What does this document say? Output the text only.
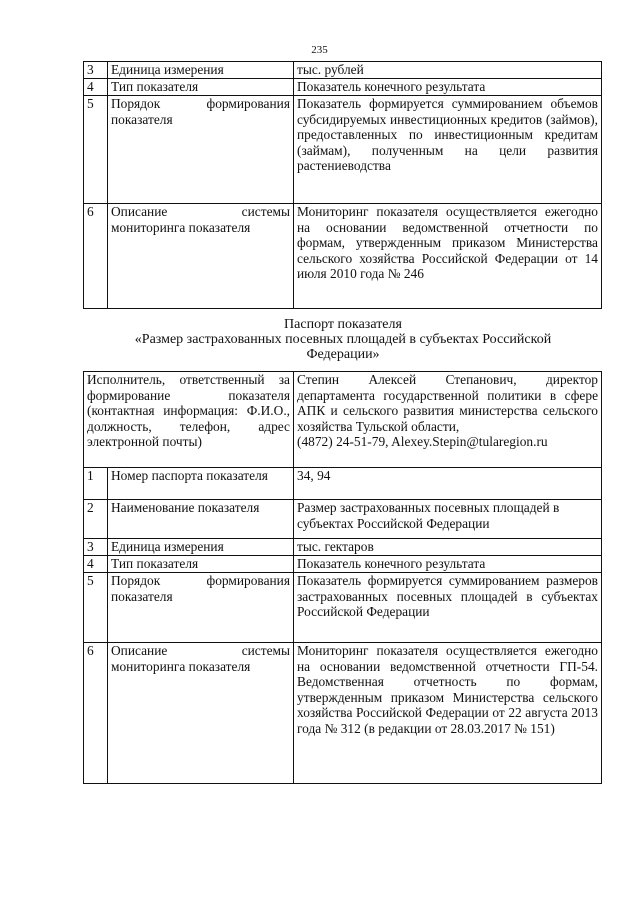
235
3	Единица измерения	тыс. рублей
4	Тип показателя	Показатель конечного результата
5	Порядок формирования показателя	Показатель формируется суммированием объемов субсидируемых инвестиционных кредитов (займов), предоставленных по инвестиционным кредитам (займам), полученным на цели развития растениеводства
6	Описание системы мониторинга показателя	Мониторинг показателя осуществляется ежегодно на основании ведомственной отчетности по формам, утвержденным приказом Министерства сельского хозяйства Российской Федерации от 14 июля 2010 года № 246
Паспорт показателя
«Размер застрахованных посевных площадей в субъектах Российской
Федерации»
Исполнитель, ответственный за формирование показателя (контактная информация: Ф.И.О., должность, телефон, адрес электронной почты)		Степин Алексей Степанович, директор департамента государственной политики в сфере АПК и сельского развития министерства сельского хозяйства Тульской области,
(4872) 24-51-79, Alexey.Stepin@tularegion.ru

1	Номер паспорта показателя	34, 94
2	Наименование показателя	Размер застрахованных посевных площадей в субъектах Российской Федерации
3	Единица измерения	тыс. гектаров
4	Тип показателя	Показатель конечного результата
5	Порядок формирования показателя	Показатель формируется суммированием размеров застрахованных посевных площадей в субъектах Российской Федерации
6	Описание системы мониторинга показателя	Мониторинг показателя осуществляется ежегодно на основании ведомственной отчетности ГП-54. Ведомственная отчетность по формам, утвержденным приказом Министерства сельского хозяйства Российской Федерации от 22 августа 2013 года № 312 (в редакции от 28.03.2017 № 151)
